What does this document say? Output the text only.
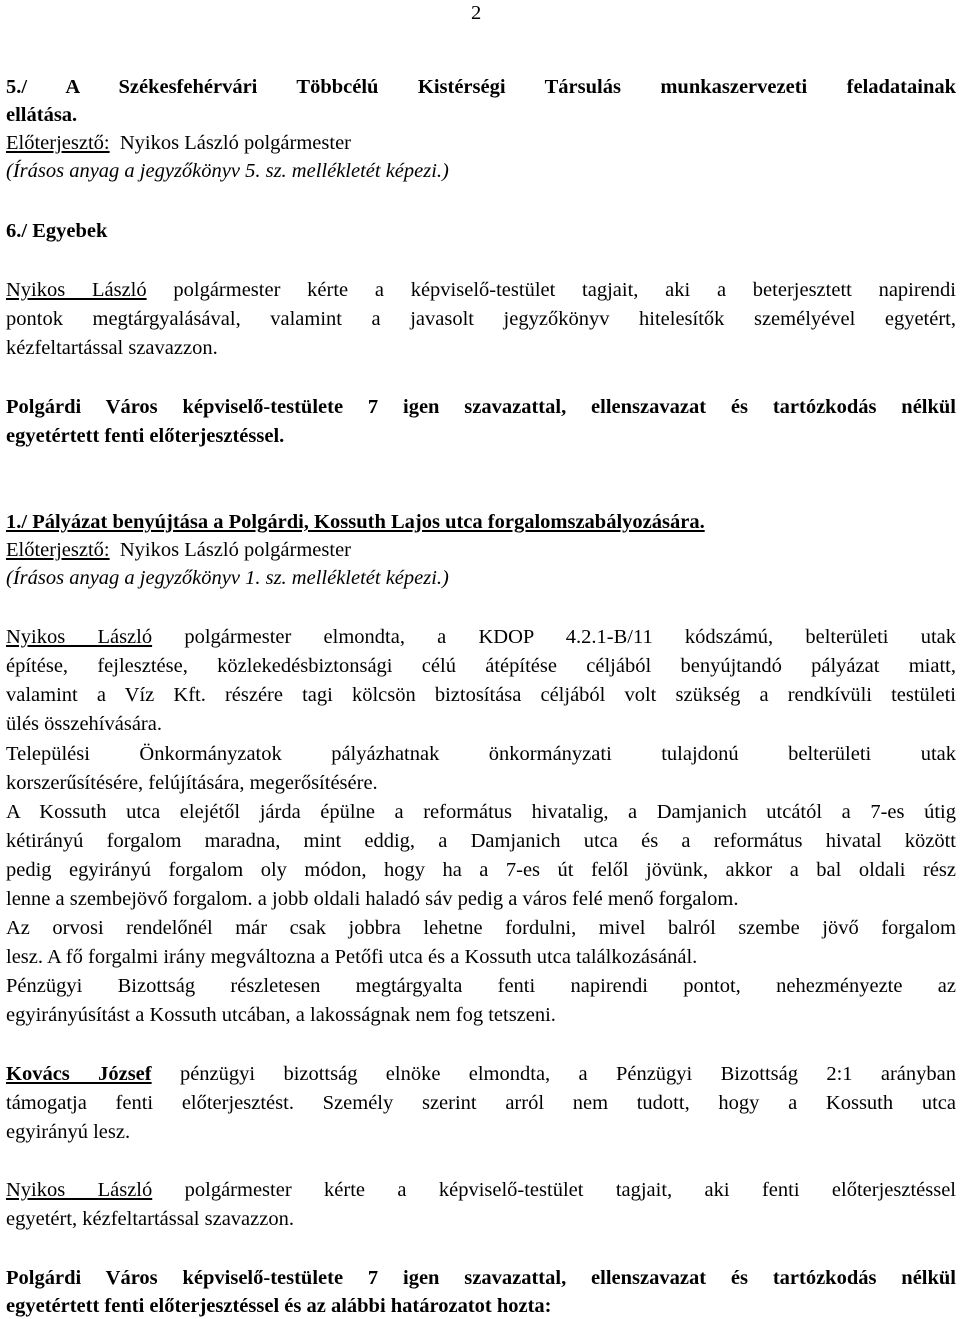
2
5./ A Székesfehérvári Többcélú Kistérségi Társulás munkaszervezeti feladatainak
ellátása.
Előterjesztő: Nyikos László polgármester
(Írásos anyag a jegyzőkönyv 5. sz. mellékletét képezi.)
6./ Egyebek
Nyikos László polgármester kérte a képviselő-testület tagjait, aki a beterjesztett napirendi
pontok megtárgyalásával, valamint a javasolt jegyzőkönyv hitelesítők személyével egyetért,
kézfeltartással szavazzon.
Polgárdi Város képviselő-testülete 7 igen szavazattal, ellenszavazat és tartózkodás nélkül
egyetértett fenti előterjesztéssel.
1./ Pályázat benyújtása a Polgárdi, Kossuth Lajos utca forgalomszabályozására.
Előterjesztő: Nyikos László polgármester
(Írásos anyag a jegyzőkönyv 1. sz. mellékletét képezi.)
Nyikos László polgármester elmondta, a KDOP 4.2.1-B/11 kódszámú, belterületi utak
építése, fejlesztése, közlekedésbiztonsági célú átépítése céljából benyújtandó pályázat miatt,
valamint a Víz Kft. részére tagi kölcsön biztosítása céljából volt szükség a rendkívüli testületi
ülés összehívására.
Települési Önkormányzatok pályázhatnak önkormányzati tulajdonú belterületi utak
korszerűsítésére, felújítására, megerősítésére.
A Kossuth utca elejétől járda épülne a református hivatalig, a Damjanich utcától a 7-es útig
kétirányú forgalom maradna, mint eddig, a Damjanich utca és a református hivatal között
pedig egyirányú forgalom oly módon, hogy ha a 7-es út felől jövünk, akkor a bal oldali rész
lenne a szembejövő forgalom. a jobb oldali haladó sáv pedig a város felé menő forgalom.
Az orvosi rendelőnél már csak jobbra lehetne fordulni, mivel balról szembe jövő forgalom
lesz. A fő forgalmi irány megváltozna a Petőfi utca és a Kossuth utca találkozásánál.
Pénzügyi Bizottság részletesen megtárgyalta fenti napirendi pontot, nehezményezte az
egyirányúsítást a Kossuth utcában, a lakosságnak nem fog tetszeni.
Kovács József pénzügyi bizottság elnöke elmondta, a Pénzügyi Bizottság 2:1 arányban
támogatja fenti előterjesztést. Személy szerint arról nem tudott, hogy a Kossuth utca
egyirányú lesz.
Nyikos László polgármester kérte a képviselő-testület tagjait, aki fenti előterjesztéssel
egyetért, kézfeltartással szavazzon.
Polgárdi Város képviselő-testülete 7 igen szavazattal, ellenszavazat és tartózkodás nélkül
egyetértett fenti előterjesztéssel és az alábbi határozatot hozta:
